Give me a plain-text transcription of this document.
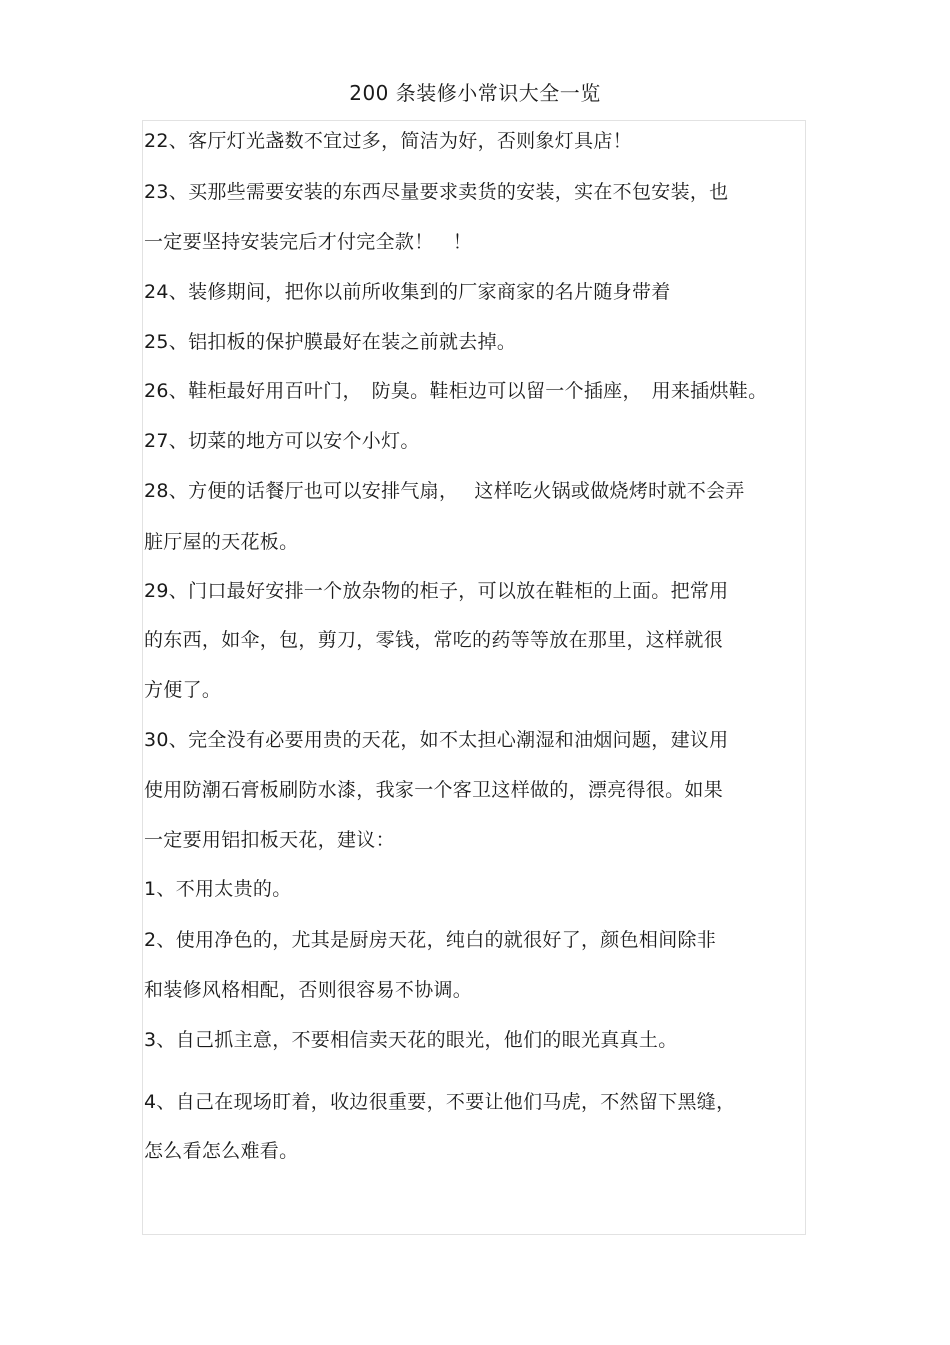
200 条装修小常识大全一览
22、客厅灯光盏数不宜过多，简洁为好，否则象灯具店！
23、买那些需要安装的东西尽量要求卖货的安装，实在不包安装，也
一定要坚持安装完后才付完全款！　！
24、装修期间，把你以前所收集到的厂家商家的名片随身带着
25、铝扣板的保护膜最好在装之前就去掉。
26、鞋柜最好用百叶门，　防臭。鞋柜边可以留一个插座，　用来插烘鞋。
27、切菜的地方可以安个小灯。
28、方便的话餐厅也可以安排气扇，　 这样吃火锅或做烧烤时就不会弄
脏厅屋的天花板。
29、门口最好安排一个放杂物的柜子，可以放在鞋柜的上面。把常用
的东西，如伞，包，剪刀，零钱，常吃的药等等放在那里，这样就很
方便了。
30、完全没有必要用贵的天花，如不太担心潮湿和油烟问题，建议用
使用防潮石膏板刷防水漆，我家一个客卫这样做的，漂亮得很。如果
一定要用铝扣板天花，建议：
1、不用太贵的。
2、使用净色的，尤其是厨房天花，纯白的就很好了，颜色相间除非
和装修风格相配，否则很容易不协调。
3、自己抓主意，不要相信卖天花的眼光，他们的眼光真真土。
4、自己在现场盯着，收边很重要，不要让他们马虎，不然留下黑缝，
怎么看怎么难看。
